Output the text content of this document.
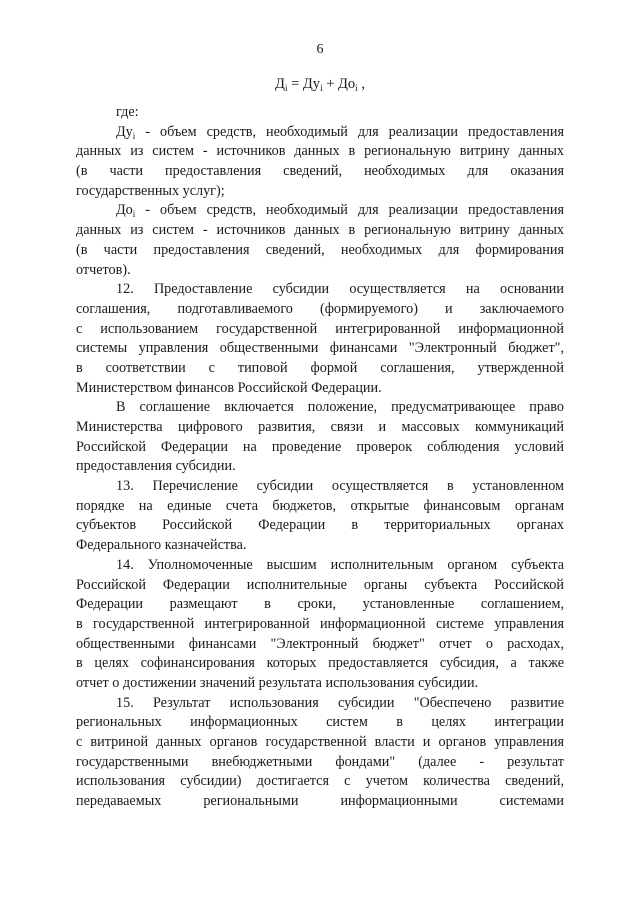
6
$Д_i = Ду_i + До_i$ ,
где:
$Ду_i$ - объем средств, необходимый для реализации предоставления
данных из систем - источников данных в региональную витрину данных
(в части предоставления сведений, необходимых для оказания
государственных услуг);
$До_i$ - объем средств, необходимый для реализации предоставления
данных из систем - источников данных в региональную витрину данных
(в части предоставления сведений, необходимых для формирования
отчетов).
12. Предоставление субсидии осуществляется на основании
соглашения, подготавливаемого (формируемого) и заключаемого
с использованием государственной интегрированной информационной
системы управления общественными финансами "Электронный бюджет",
в соответствии с типовой формой соглашения, утвержденной
Министерством финансов Российской Федерации.
В соглашение включается положение, предусматривающее право
Министерства цифрового развития, связи и массовых коммуникаций
Российской Федерации на проведение проверок соблюдения условий
предоставления субсидии.
13. Перечисление субсидии осуществляется в установленном
порядке на единые счета бюджетов, открытые финансовым органам
субъектов Российской Федерации в территориальных органах
Федерального казначейства.
14. Уполномоченные высшим исполнительным органом субъекта
Российской Федерации исполнительные органы субъекта Российской
Федерации размещают в сроки, установленные соглашением,
в государственной интегрированной информационной системе управления
общественными финансами "Электронный бюджет" отчет о расходах,
в целях софинансирования которых предоставляется субсидия, а также
отчет о достижении значений результата использования субсидии.
15. Результат использования субсидии "Обеспечено развитие
региональных информационных систем в целях интеграции
с витриной данных органов государственной власти и органов управления
государственными внебюджетными фондами" (далее - результат
использования субсидии) достигается с учетом количества сведений,
передаваемых региональными информационными системами
